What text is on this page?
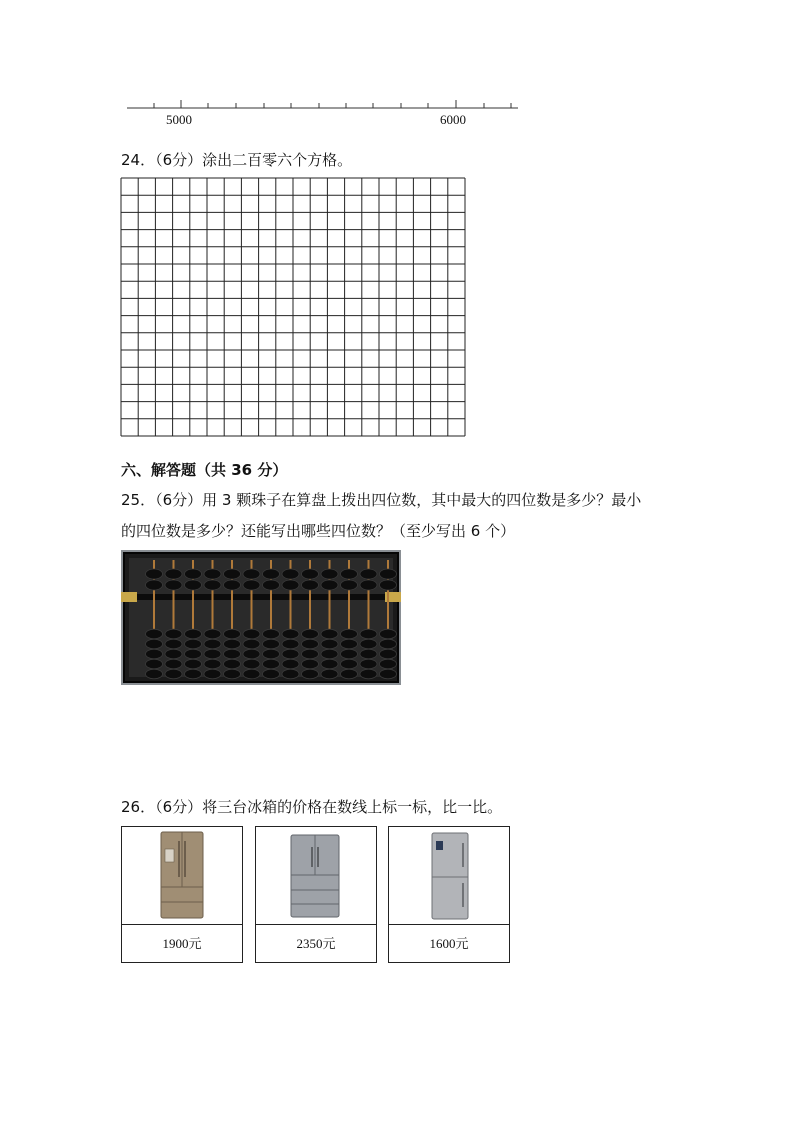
5000	6000
24．（6分）涂出二百零六个方格。
六、解答题（共 36 分）
25．（6分）用 3 颗珠子在算盘上拨出四位数，其中最大的四位数是多少？最小
的四位数是多少？还能写出哪些四位数？（至少写出 6 个）
26．（6分）将三台冰箱的价格在数线上标一标，比一比。
1900元	2350元	1600元
